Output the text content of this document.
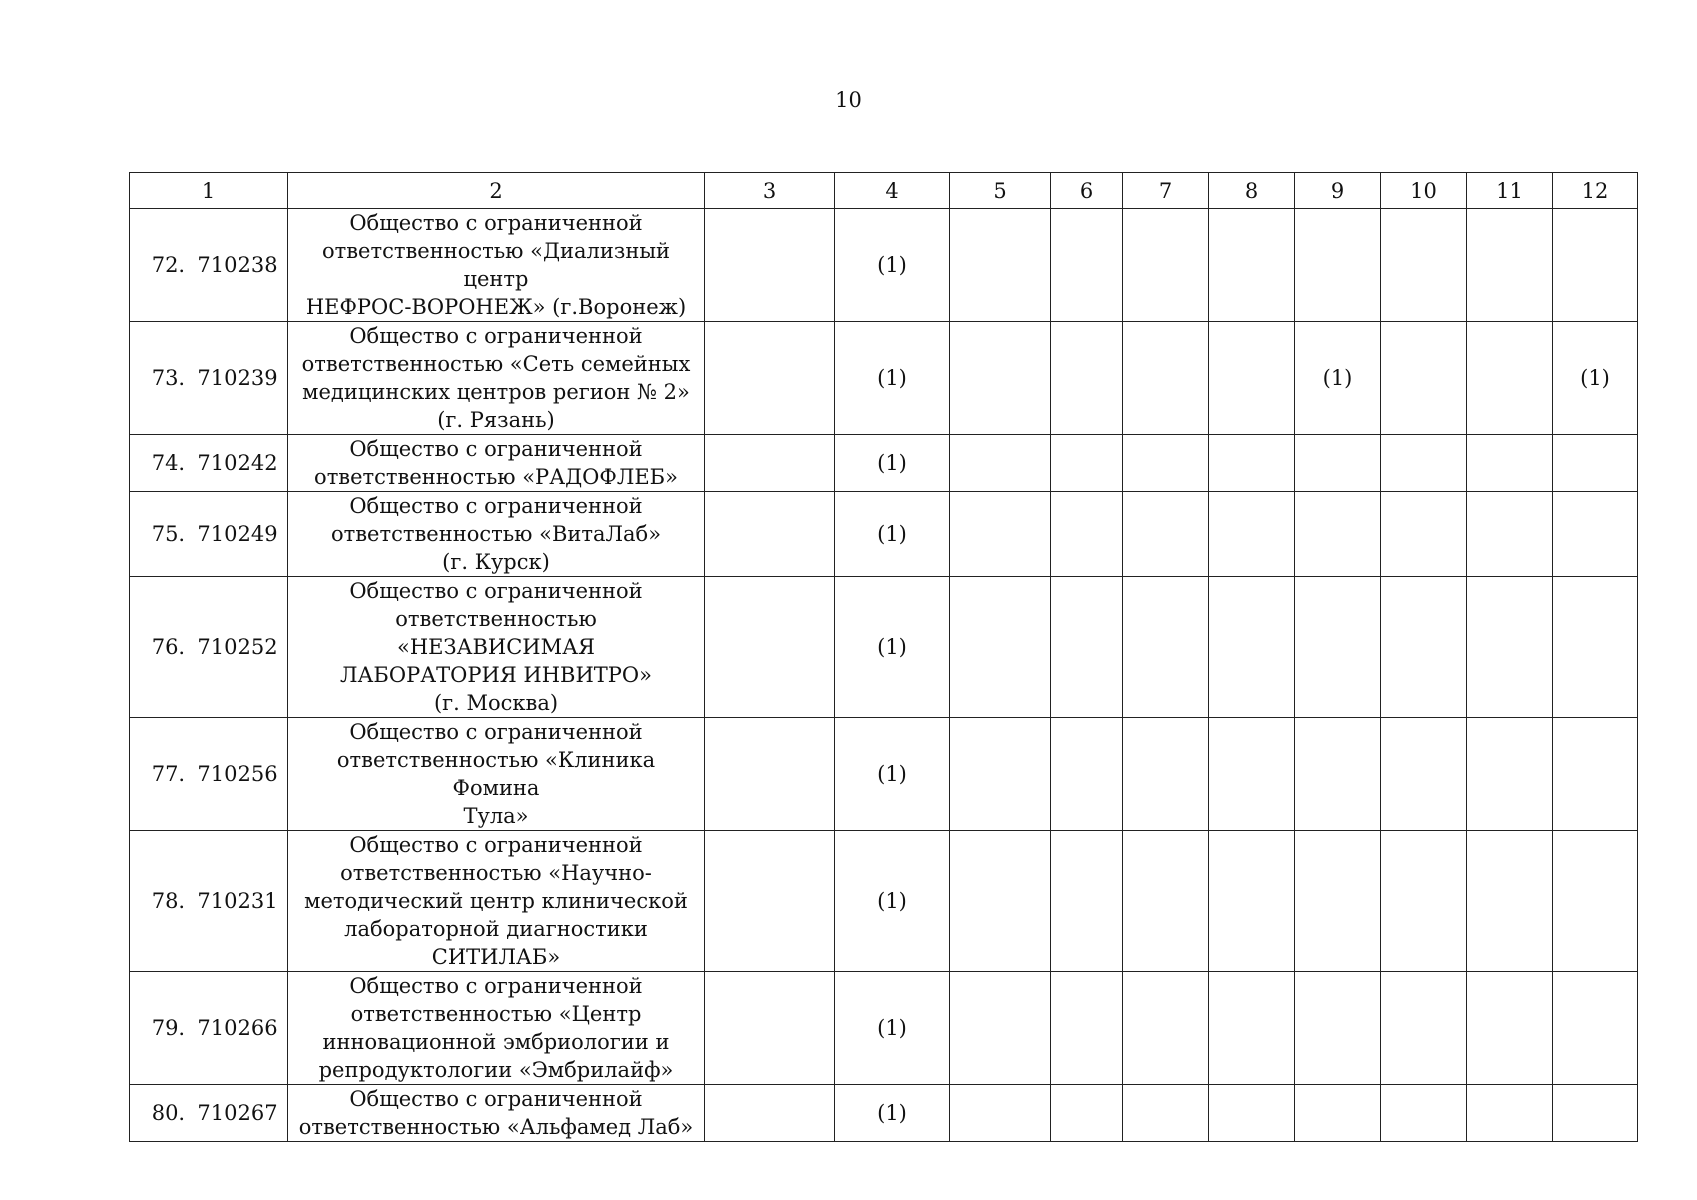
10
1	2	3	4	5	6	7	8	9	10	11	12
72. 710238	Общество с ограниченной
ответственностью «Диализный центр
НЕФРОС-ВОРОНЕЖ» (г.Воронеж)		(1)								
73. 710239	Общество с ограниченной
ответственностью «Сеть семейных
медицинских центров регион № 2»
(г. Рязань)		(1)					(1)			(1)
74. 710242	Общество с ограниченной
ответственностью «РАДОФЛЕБ»		(1)								
75. 710249	Общество с ограниченной
ответственностью «ВитаЛаб»
(г. Курск)		(1)								
76. 710252	Общество с ограниченной
ответственностью «НЕЗАВИСИМАЯ
ЛАБОРАТОРИЯ ИНВИТРО»
(г. Москва)		(1)								
77. 710256	Общество с ограниченной
ответственностью «Клиника Фомина
Тула»		(1)								
78. 710231	Общество с ограниченной
ответственностью «Научно-
методический центр клинической
лабораторной диагностики
СИТИЛАБ»		(1)								
79. 710266	Общество с ограниченной
ответственностью «Центр
инновационной эмбриологии и
репродуктологии «Эмбрилайф»		(1)								
80. 710267	Общество с ограниченной
ответственностью «Альфамед Лаб»		(1)								
